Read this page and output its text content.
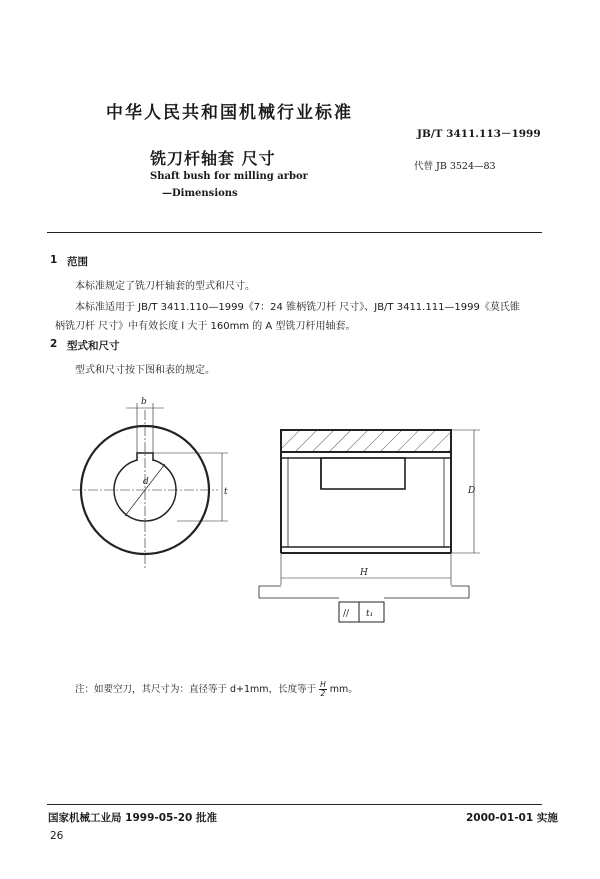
中华人民共和国机械行业标准
JB/T 3411.113－1999
铣刀杆轴套 尺寸	代替 JB 3524—83
Shaft bush for milling arbor
—Dimensions
1 范围
本标准规定了铣刀杆轴套的型式和尺寸。
本标准适用于 JB/T 3411.110—1999《7：24 锥柄铣刀杆 尺寸》、JB/T 3411.111—1999《莫氏锥
柄铣刀杆 尺寸》中有效长度 l 大于 160mm 的 A 型铣刀杆用轴套。
2 型式和尺寸
型式和尺寸按下图和表的规定。
b
d
t	D
H
// t₁
注：如要空刀，其尺寸为：直径等于 d+1mm，长度等于 $\frac{H}{2}$ mm。
国家机械工业局 1999-05-20 批准	2000-01-01 实施
26
